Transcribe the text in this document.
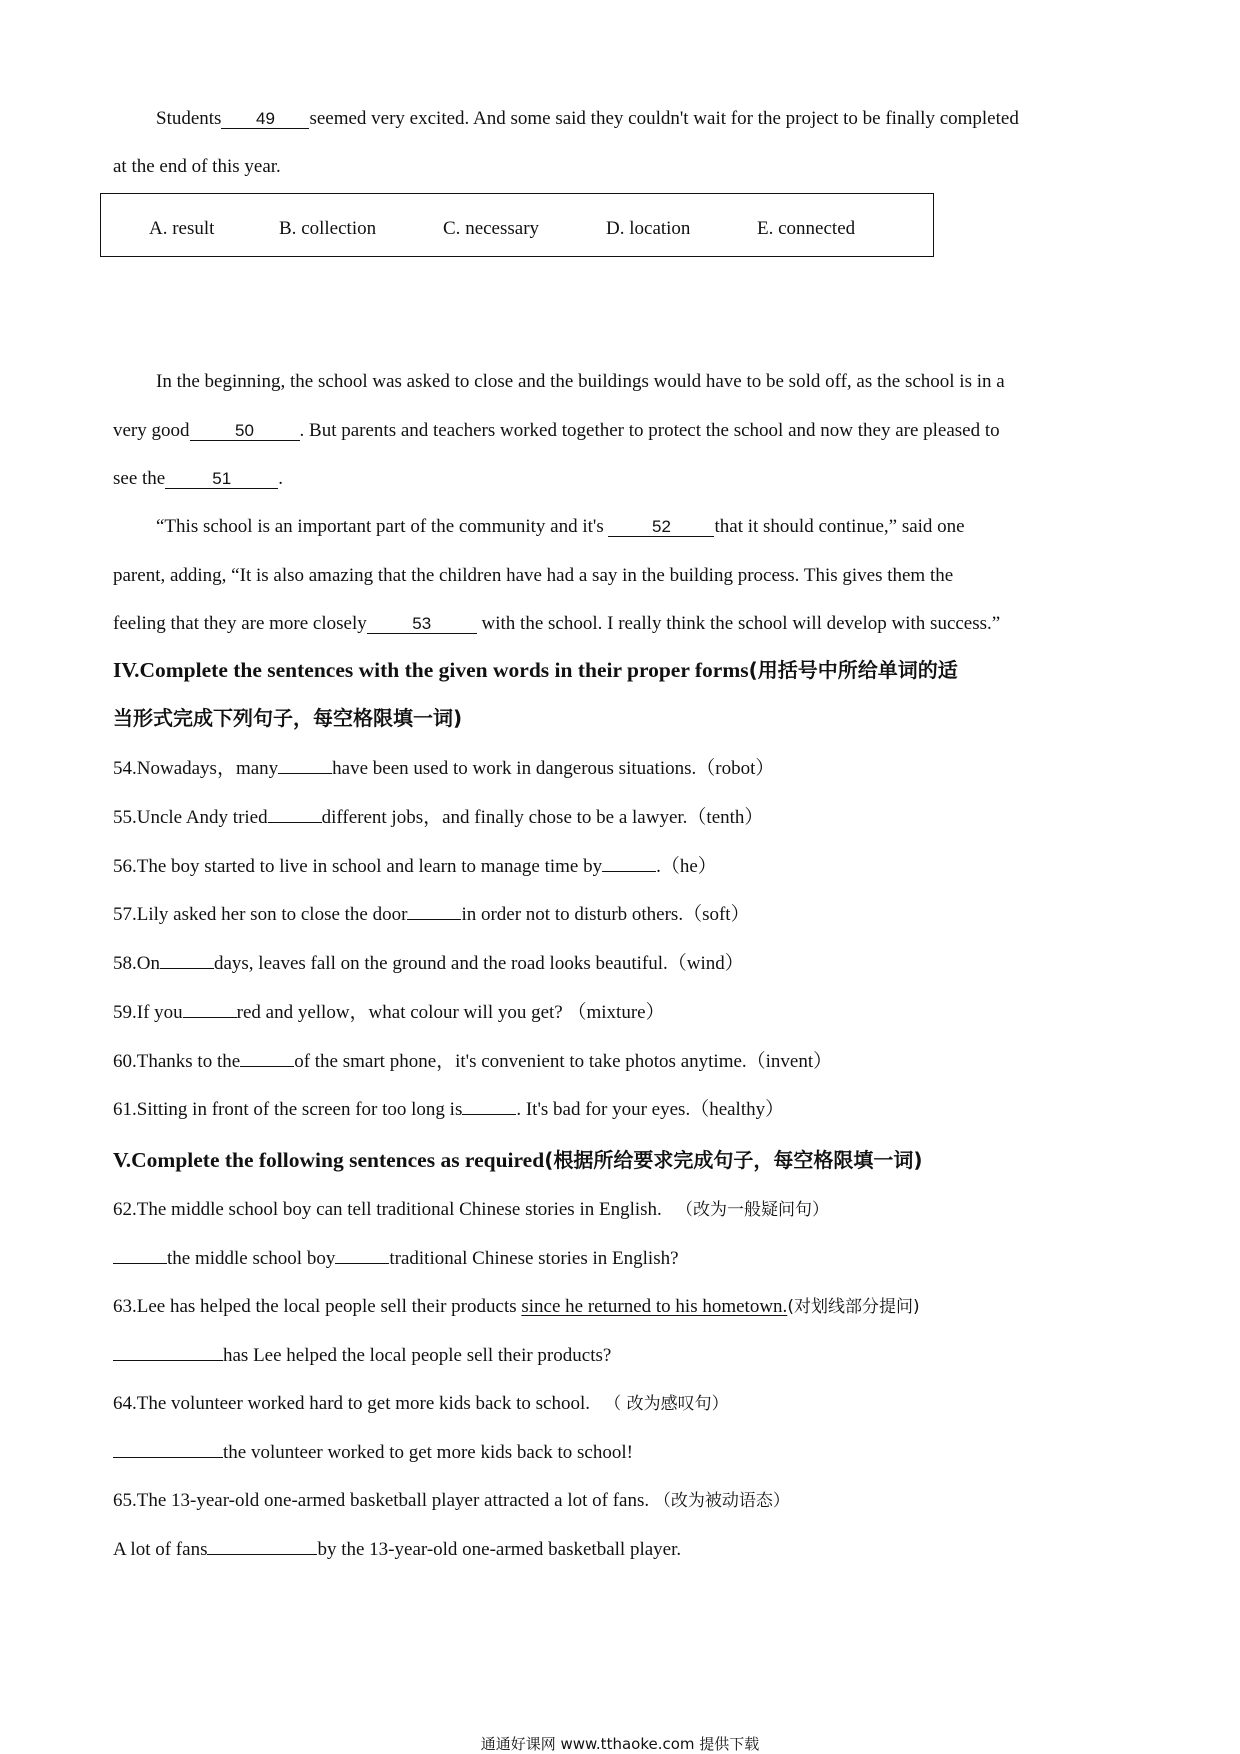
Students 49 seemed very excited. And some said they couldn't wait for the project to be finally completed
at the end of this year.
A. result	B. collection	C. necessary	D. location	E. connected
In the beginning, the school was asked to close and the buildings would have to be sold off, as the school is in a
very good	50 . But parents and teachers worked together to protect the school and now they are pleased to
see the	51 .
“This school is an important part of the community and it's	52 that it should continue,” said one
parent, adding, “It is also amazing that the children have had a say in the building process. This gives them the
feeling that they are more closely	53	with the school. I really think the school will develop with success.”
IV.Complete the sentences with the given words in their proper forms(用括号中所给单词的适
当形式完成下列句子，每空格限填一词)
54.Nowadays，many	have been used to work in dangerous situations.（robot）
55.Uncle Andy tried	different jobs，and finally chose to be a lawyer.（tenth）
56.The boy started to live in school and learn to manage time by	.（he）
57.Lily asked her son to close the door	in order not to disturb others.（soft）
58.On	days, leaves fall on the ground and the road looks beautiful.（wind）
59.If you	red and yellow，what colour will you get? （mixture）
60.Thanks to the	of the smart phone，it's convenient to take photos anytime.（invent）
61.Sitting in front of the screen for too long is	. It's bad for your eyes.（healthy）
V.Complete the following sentences as required(根据所给要求完成句子，每空格限填一词)
62.The middle school boy can tell traditional Chinese stories in English. （改为一般疑问句）
the middle school boy	traditional Chinese stories in English?
63.Lee has helped the local people sell their products since he returned to his hometown.(对划线部分提问)
has Lee helped the local people sell their products?
64.The volunteer worked hard to get more kids back to school. （ 改为感叹句）
the volunteer worked to get more kids back to school!
65.The 13-year-old one-armed basketball player attracted a lot of fans. （改为被动语态）
A lot of fans	by the 13-year-old one-armed basketball player.
通通好课网 www.tthaoke.com 提供下载
